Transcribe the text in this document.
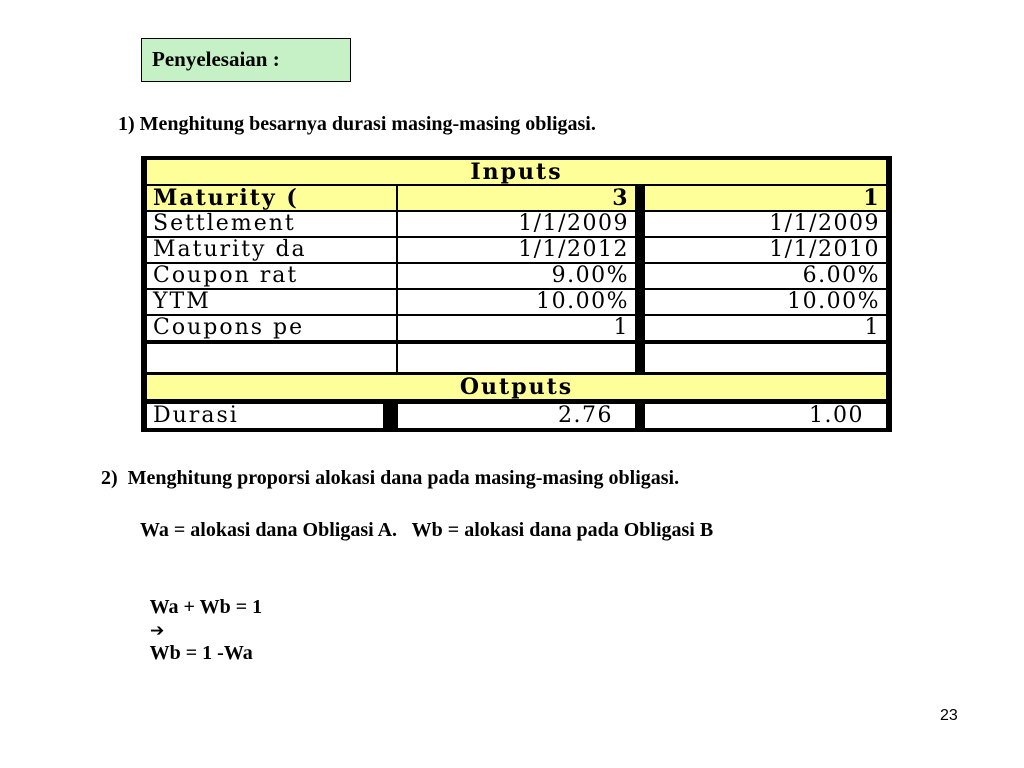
Penyelesaian :
1) Menghitung besarnya durasi masing-masing obligasi.
Inputs
Maturity (	3	1
Settlement	1/1/2009	1/1/2009
Maturity da	1/1/2012	1/1/2010
Coupon rat	9.00%	6.00%
YTM	10.00%	10.00%
Coupons pe	1	1
Outputs
Durasi	2.76	1.00
2)  Menghitung proporsi alokasi dana pada masing-masing obligasi.
Wa = alokasi dana Obligasi A.   Wb = alokasi dana pada Obligasi B

Wa + Wb = 1
➔
Wb = 1 -Wa

23
